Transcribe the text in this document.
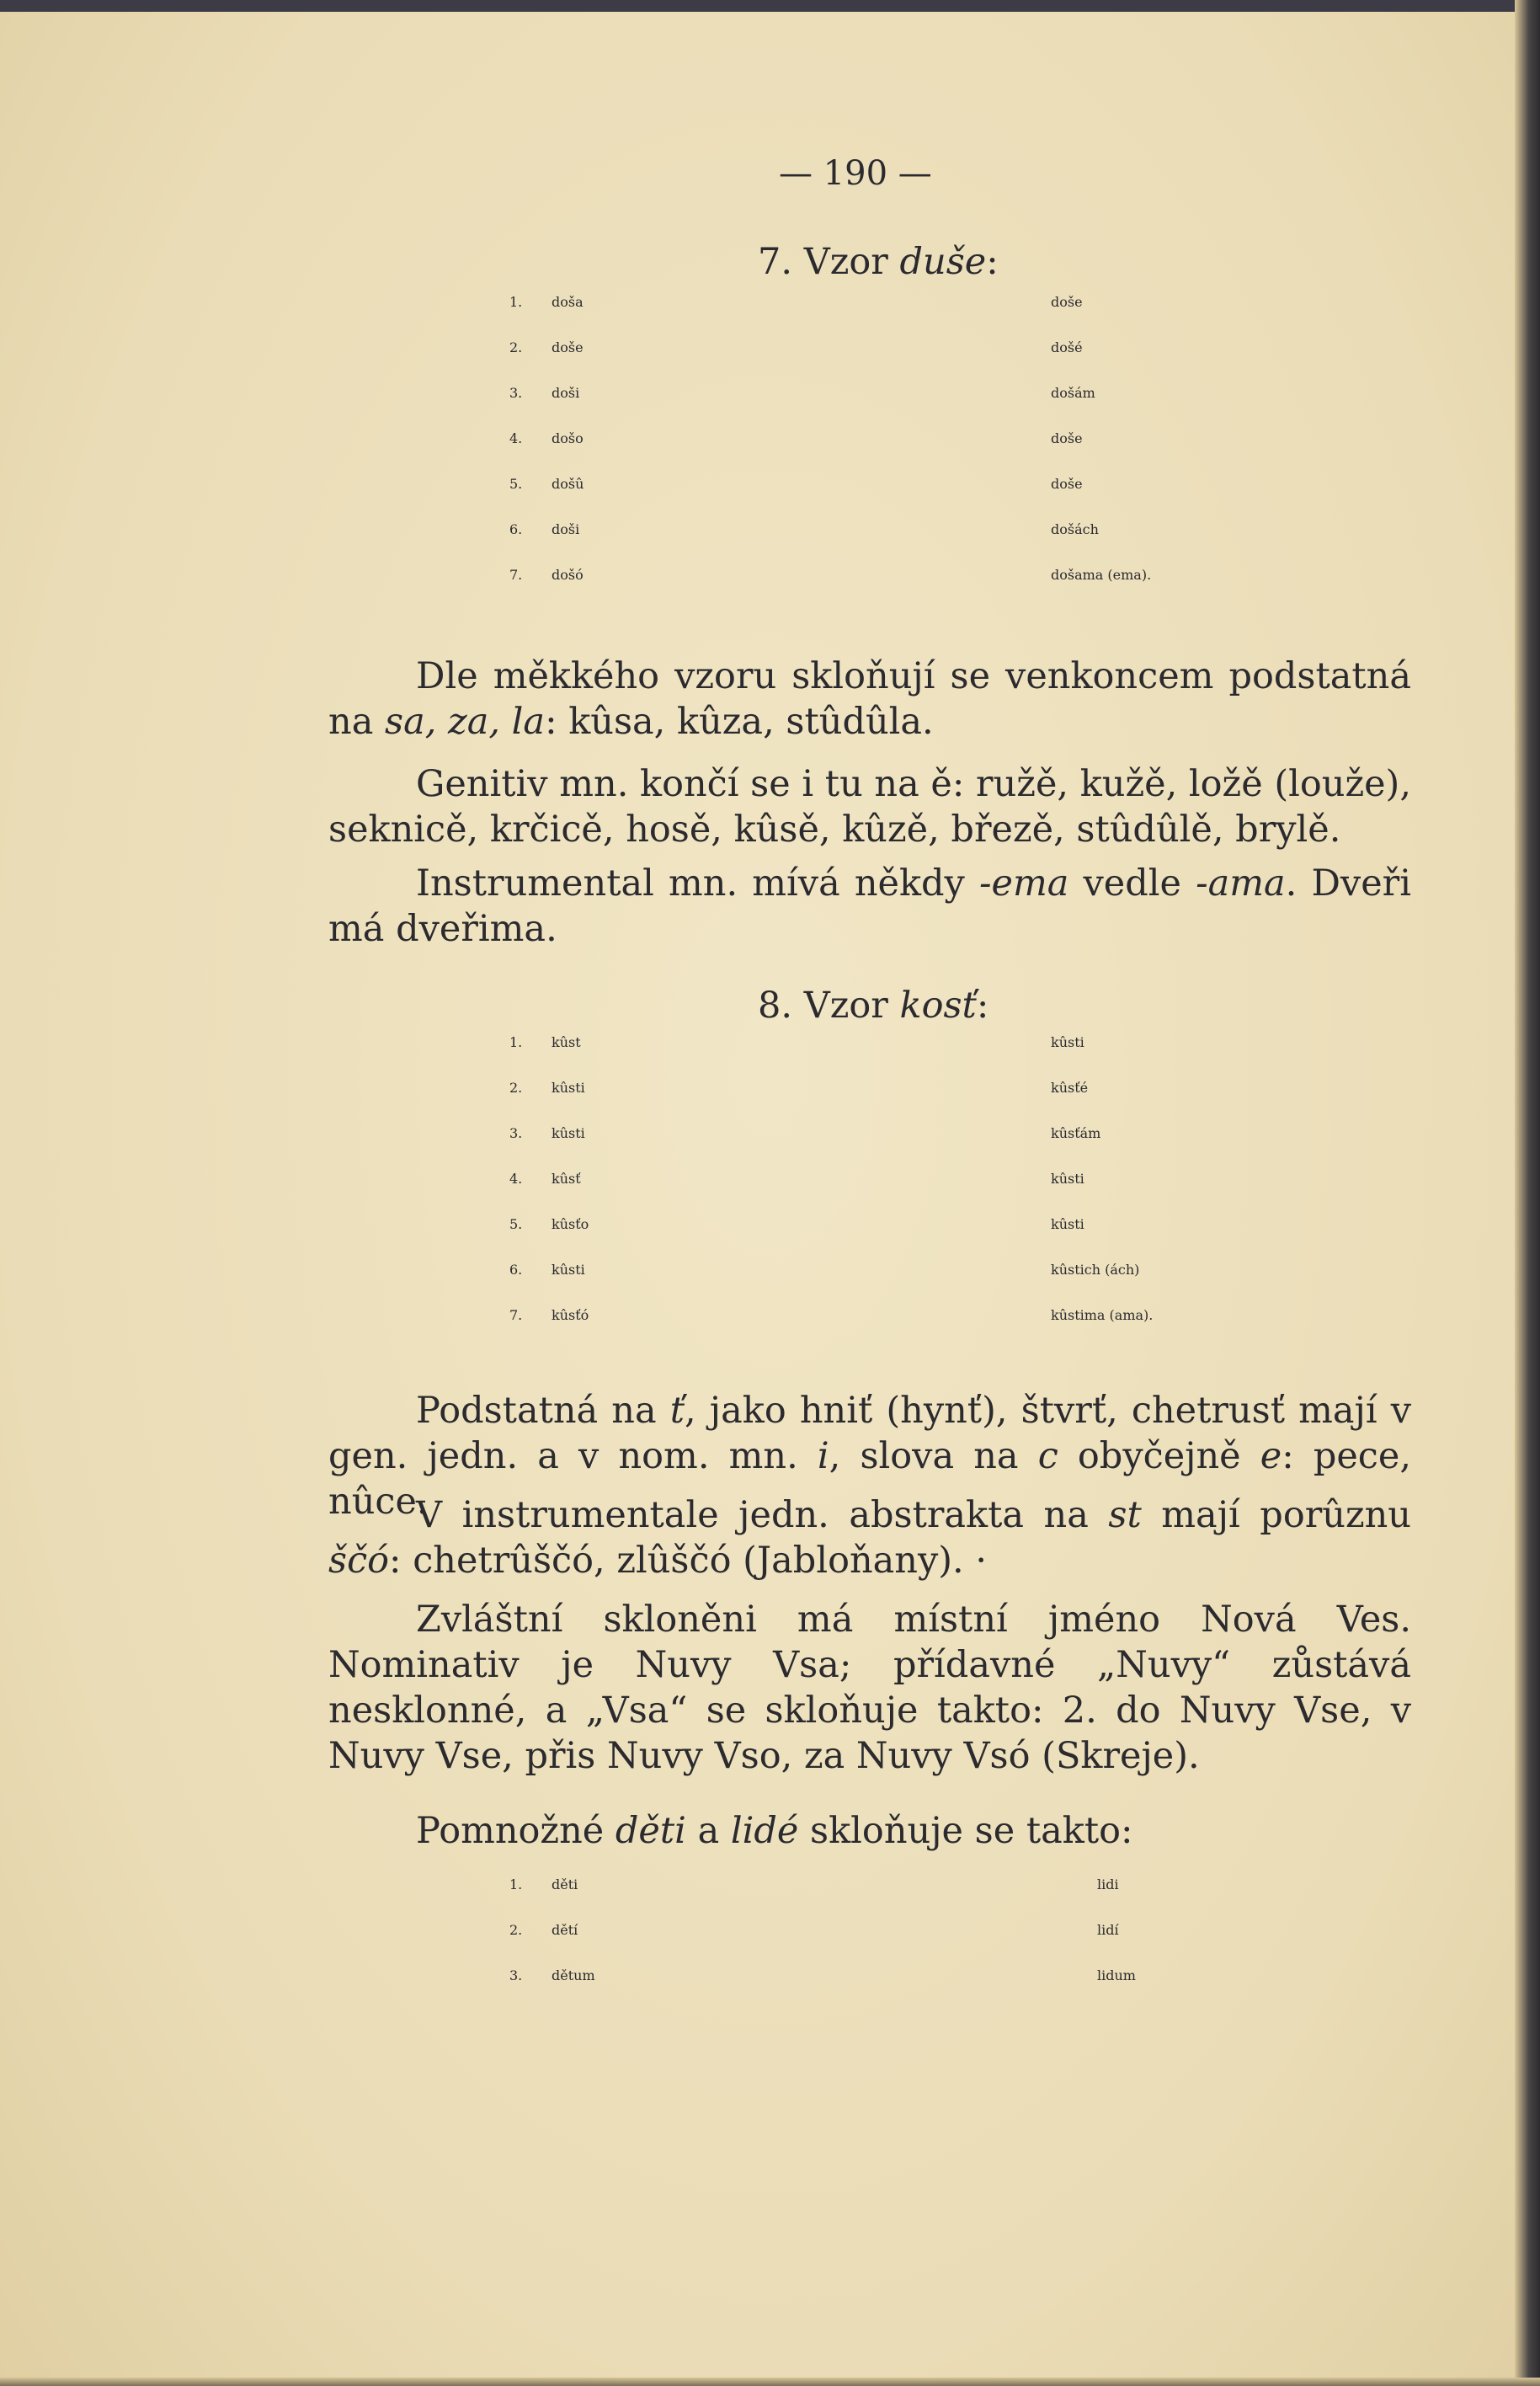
— 190 —
7. Vzor duše:
1. doša	doše
2. doše	došé
3. doši	došám
4. došo	doše
5. došû	doše
6. doši	došách
7. došó	došama (ema).
Dle měkkého vzoru skloňují se venkoncem podstatná na sa, za, la: kûsa, kûza, stûdûla.
Genitiv mn. končí se i tu na ě: ružě, kužě, ložě (louže), seknicě, krčicě, hosě, kûsě, kûzě, březě, stûdûlě, brylě.
Instrumental mn. mívá někdy -ema vedle -ama. Dveři má dveřima.
8. Vzor kosť:
1. kûst	kûsti
2. kûsti	kûsťé
3. kûsti	kûsťám
4. kûsť	kûsti
5. kûsťo	kûsti
6. kûsti	kûstich (ách)
7. kûsťó	kûstima (ama).
Podstatná na ť, jako hniť (hynť), štvrť, chetrusť mají v gen. jedn. a v nom. mn. i, slova na c obyčejně e: pece, nûce.
V instrumentale jedn. abstrakta na st mají porûznu ščó: chetrûščó, zlûščó (Jabloňany). ·
Zvláštní skloněni má místní jméno Nová Ves. Nominativ je Nuvy Vsa; přídavné „Nuvy“ zůstává nesklonné, a „Vsa“ se skloňuje takto: 2. do Nuvy Vse, v Nuvy Vse, přis Nuvy Vso, za Nuvy Vsó (Skreje).
Pomnožné děti a lidé skloňuje se takto:
1. děti	lidi
2. dětí	lidí
3. dětum	lidum
